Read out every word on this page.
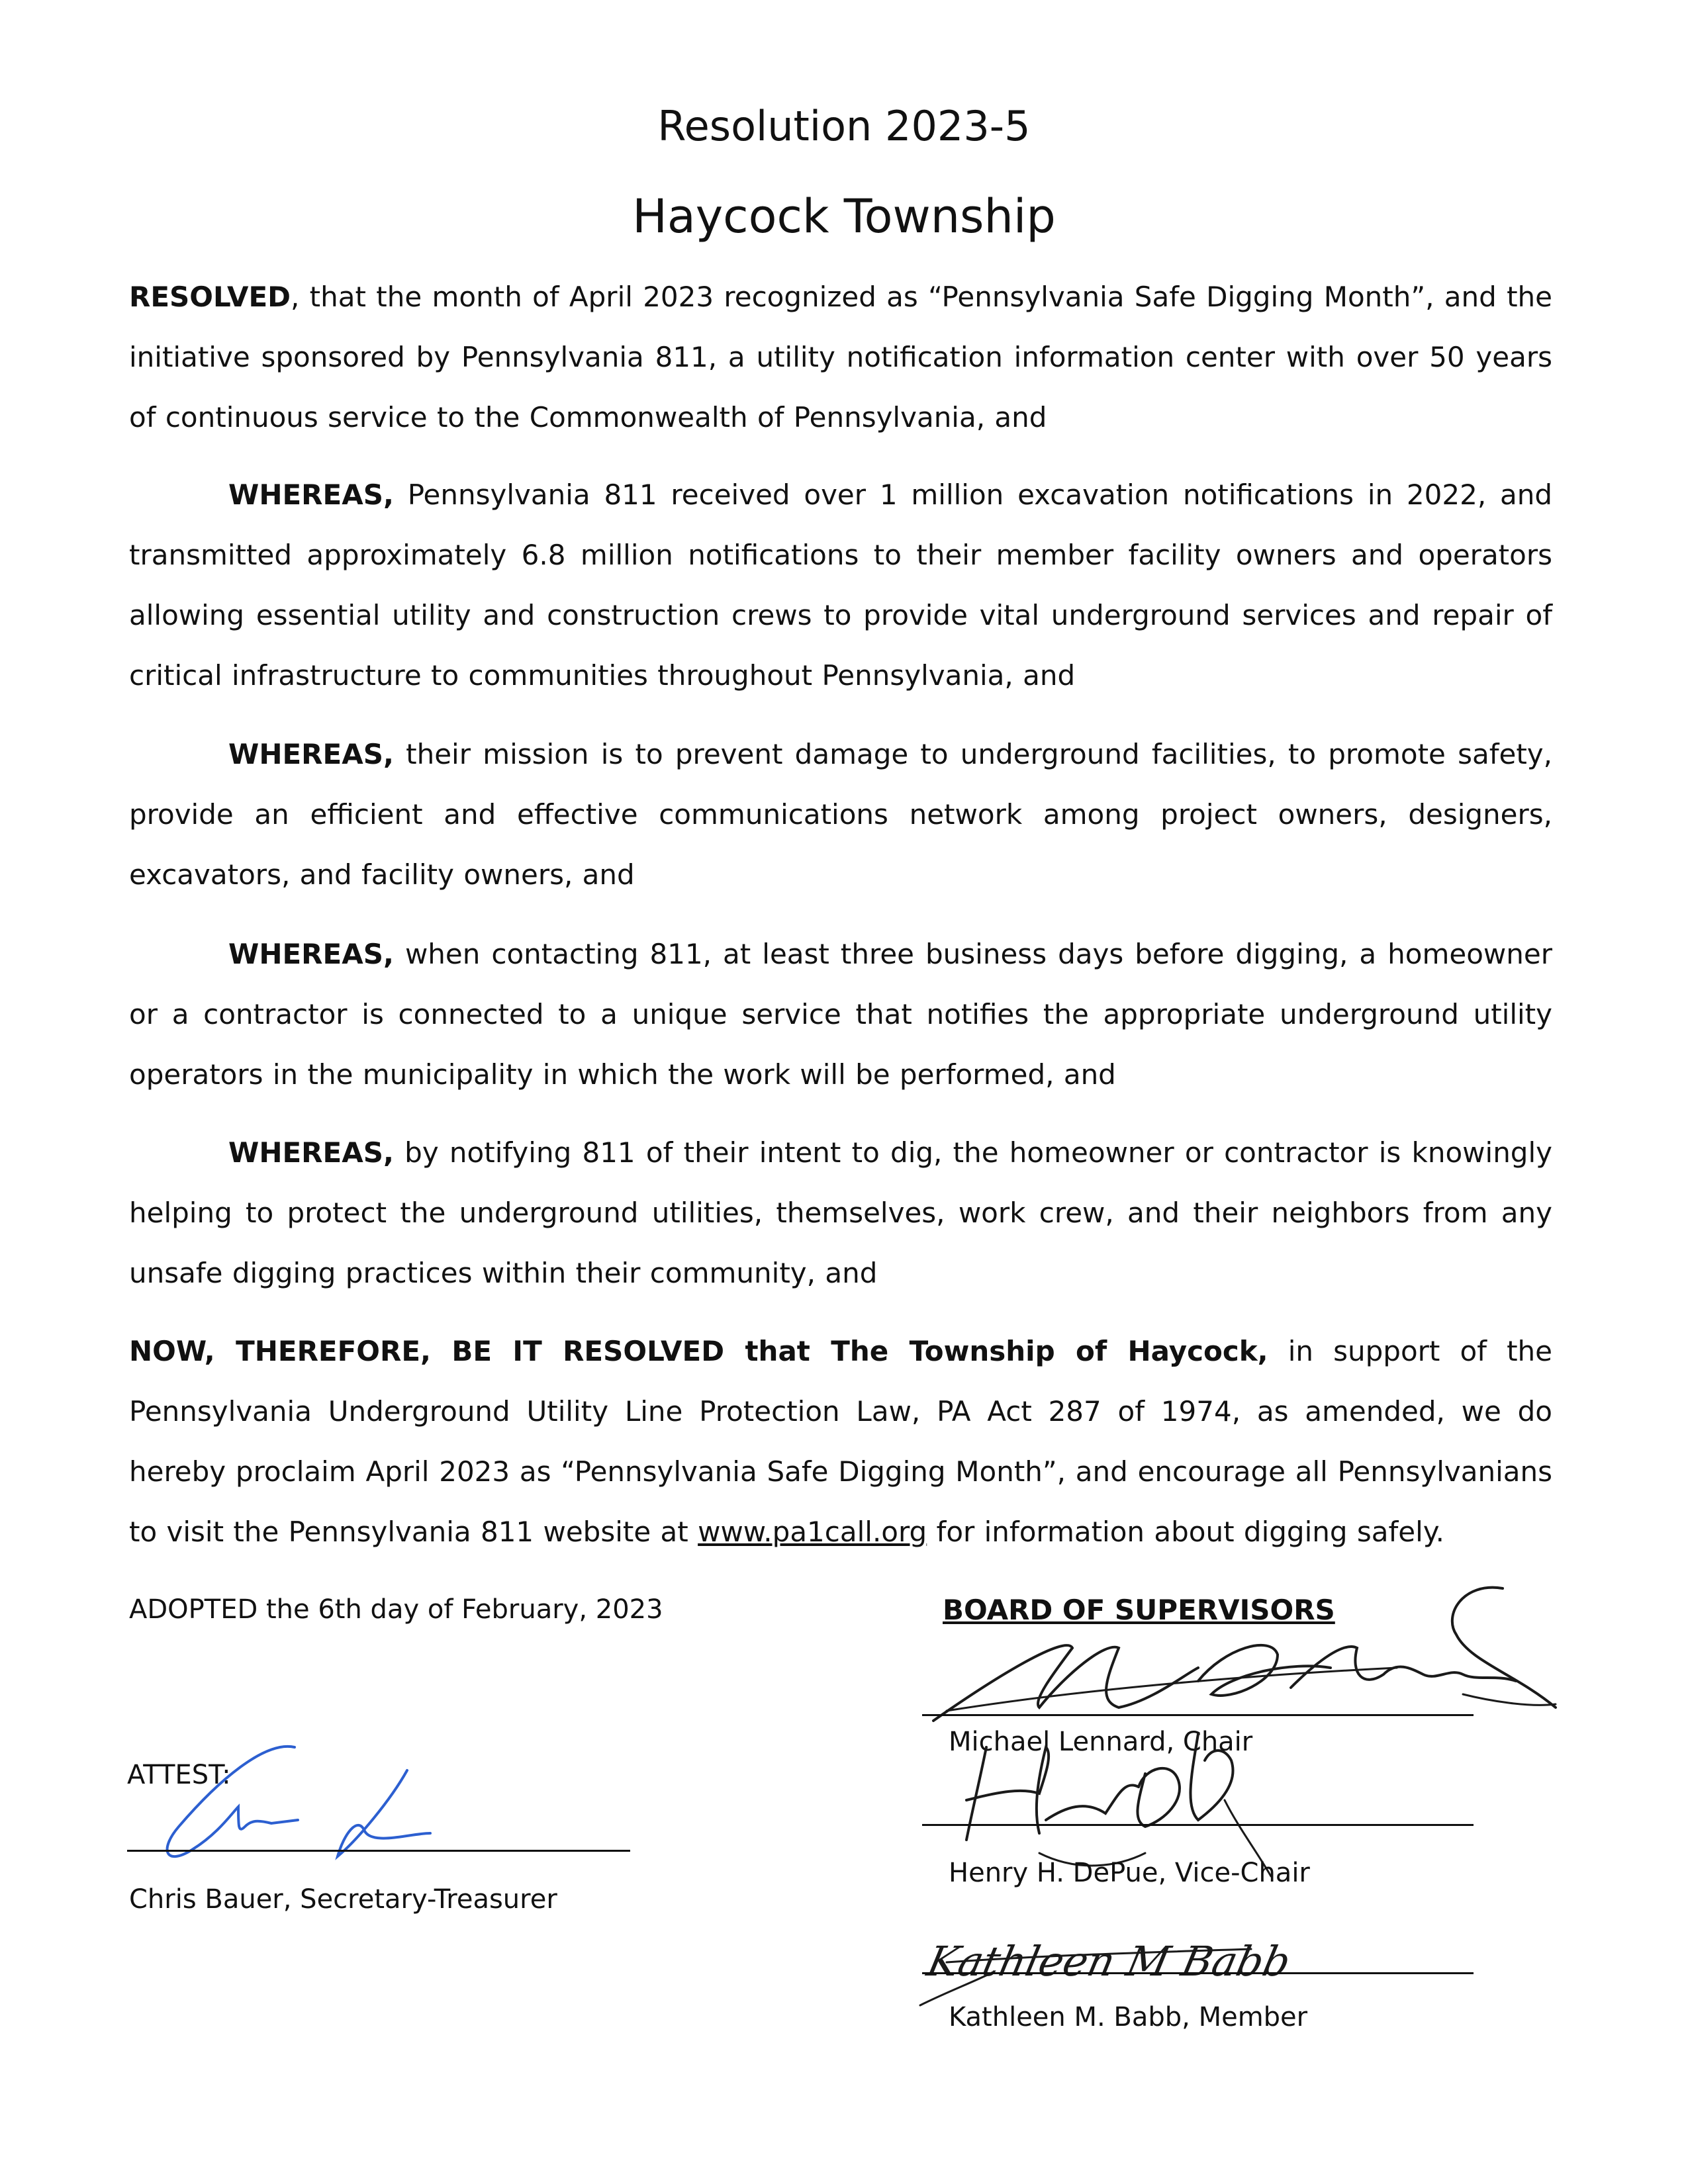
Resolution 2023-5
Haycock Township

RESOLVED, that the month of April 2023 recognized as “Pennsylvania Safe Digging Month”, and the initiative sponsored by Pennsylvania 811, a utility notification information center with over 50 years of continuous service to the Commonwealth of Pennsylvania, and

WHEREAS, Pennsylvania 811 received over 1 million excavation notifications in 2022, and transmitted approximately 6.8 million notifications to their member facility owners and operators allowing essential utility and construction crews to provide vital underground services and repair of critical infrastructure to communities throughout Pennsylvania, and

WHEREAS, their mission is to prevent damage to underground facilities, to promote safety, provide an efficient and effective communications network among project owners, designers, excavators, and facility owners, and

WHEREAS, when contacting 811, at least three business days before digging, a homeowner or a contractor is connected to a unique service that notifies the appropriate underground utility operators in the municipality in which the work will be performed, and

WHEREAS, by notifying 811 of their intent to dig, the homeowner or contractor is knowingly helping to protect the underground utilities, themselves, work crew, and their neighbors from any unsafe digging practices within their community, and

NOW, THEREFORE, BE IT RESOLVED that The Township of Haycock, in support of the Pennsylvania Underground Utility Line Protection Law, PA Act 287 of 1974, as amended, we do hereby proclaim April 2023 as “Pennsylvania Safe Digging Month”, and encourage all Pennsylvanians to visit the Pennsylvania 811 website at www.pa1call.org for information about digging safely.

ADOPTED the 6th day of February, 2023	BOARD OF SUPERVISORS
ATTEST:
Chris Bauer, Secretary-Treasurer
Michael Lennard, Chair
Henry H. DePue, Vice-Chair
Kathleen M Babb
Kathleen M. Babb, Member
